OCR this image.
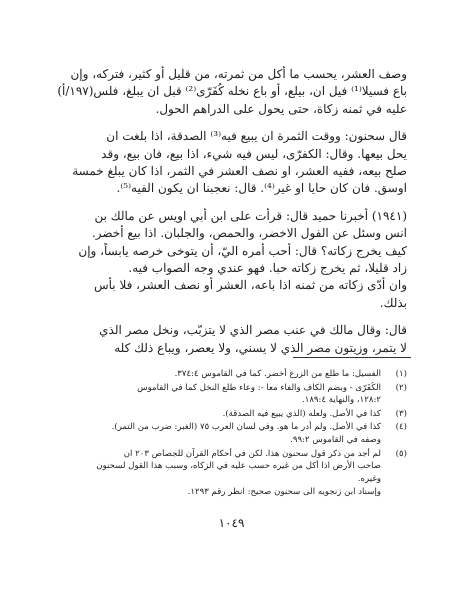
وصف العشر، يحسب ما أكل من ثمرته، من قليل أو كثير، فتركه، وإن
باع فسيلا⁽¹⁾ فيل ان، بيلع، أو باع نخله كُفَرّى⁽²⁾ قبل ان يبلغ، فلس(١٩٧/أ)
عليه في ثمنه زكاة، حتى يحول على الدراهم الحول.

قال سحنون: ووقت الثمرة ان يبيع فيه⁽³⁾ الصدقة، اذا بلغت ان
يحل بيعها. وقال: الكفرّى، ليس فيه شيء، اذا بيع، فان بيع، وقد
صلح بيعه، ففيه العشر، او نصف العشر في الثمر، اذا كان يبلغ خمسة
اوسق. فان كان حايا او غير⁽⁴⁾. قال: نعجبنا ان يكون الفيه⁽⁵⁾.

(١٩٤١) أخبرنا حميد قال: قرأت على ابن أبي اويس عن مالك بن
انس وسئل عن الفول الاخضر، والحمص، والجلبان. اذا بيع أخضر.
كيف يخرج زكاته؟ قال: أحب أمره اليّ، أن يتوخى خرصه يابساً، وإن
زاد قليلا، ثم يخرج زكاته حبا. فهو عندي وجه الصواب فيه.
وان أدّى زكاته من ثمنه اذا باعه، العشر أو نصف العشر، فلا بأس
بذلك.

قال: وقال مالك في عنب مصر الذي لا يتزبّب، ونخل مصر الذي
لا يتمر، وزيتون مصر الذي لا يسني، ولا يعصر، ويباع ذلك كله

(١)
الفسيل: ما طلع من الزرع أخضر. كما في القاموس ٣٧٤:٤.
(٢)
الكُفَرّى - وبضم الكاف والفاء معا -: وعاء طلع النخل كما في القاموس
١٢٨:٢، والنهاية ١٨٩:٤.
(٣)
كذا في الأصل. ولعله (الذي يبيع فيه الصدقة).
(٤)
كذا في الأصل. ولم أدر ما هو. وفي لسان العرب ٧٥ (الغبر: ضرب من التمر).
وصفه في القاموس ٩٩:٢.
(٥)
لم أجد من ذكر قول سحنون هذا. لكن في أحكام القرآن للجصاص ٢٠٣ ان
صاحب الأرض اذا أكل من غيره حسب عليه في الزكاه، وسبب هذا القول لسحنون
وغيره.
وإسناد ابن زنجويه الى سحنون صحيح: انظر رقم ١٢٩٣.
١٠٤٩
